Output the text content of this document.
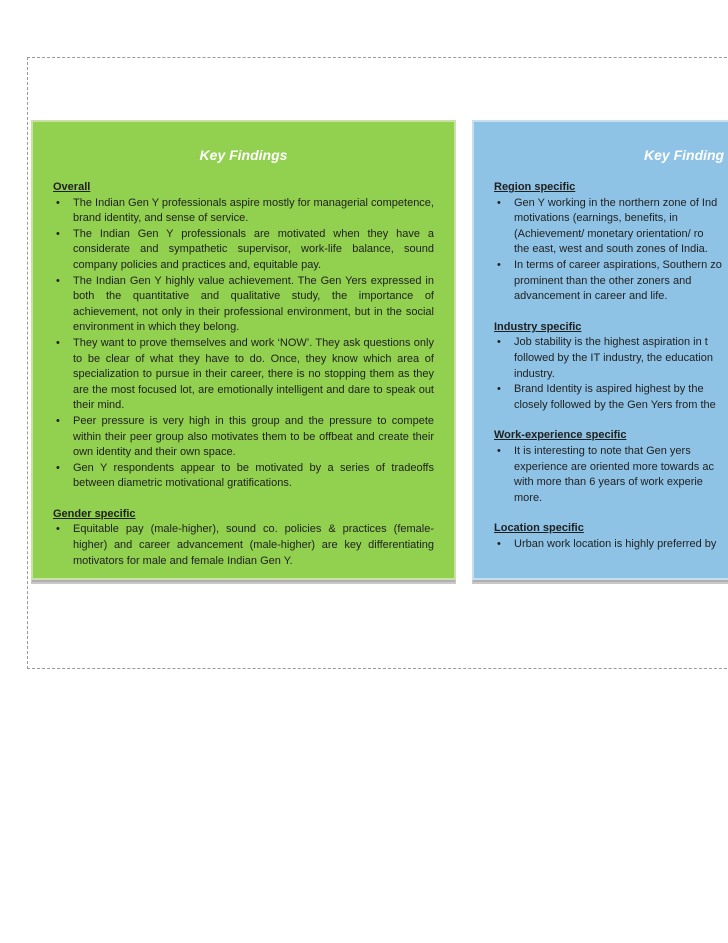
Key Findings

Overall

• The Indian Gen Y professionals aspire mostly for managerial competence, brand identity, and sense of service.
• The Indian Gen Y professionals are motivated when they have a considerate and sympathetic supervisor, work-life balance, sound company policies and practices and, equitable pay.
• The Indian Gen Y highly value achievement. The Gen Yers expressed in both the quantitative and qualitative study, the importance of achievement, not only in their professional environment, but in the social environment in which they belong.
• They want to prove themselves and work ‘NOW’. They ask questions only to be clear of what they have to do. Once, they know which area of specialization to pursue in their career, there is no stopping them as they are the most focused lot, are emotionally intelligent and dare to speak out their mind.
• Peer pressure is very high in this group and the pressure to compete within their peer group also motivates them to be offbeat and create their own identity and their own space.
• Gen Y respondents appear to be motivated by a series of tradeoffs between diametric motivational gratifications.

Gender specific

• Equitable pay (male-higher), sound co. policies & practices (female-higher) and career advancement (male-higher) are key differentiating motivators for male and female Indian Gen Y.
Key Finding

Region specific

• Gen Y working in the northern zone of Ind
motivations (earnings, benefits, in
(Achievement/ monetary orientation/ ro
the east, west and south zones of India.
• In terms of career aspirations, Southern zo
prominent than the other zoners and
advancement in career and life.

Industry specific

• Job stability is the highest aspiration in t
followed by the IT industry, the education
industry.
• Brand Identity is aspired highest by the
closely followed by the Gen Yers from the

Work-experience specific

• It is interesting to note that Gen yers
experience are oriented more towards ac
with more than 6 years of work experie
more.

Location specific

• Urban work location is highly preferred by
